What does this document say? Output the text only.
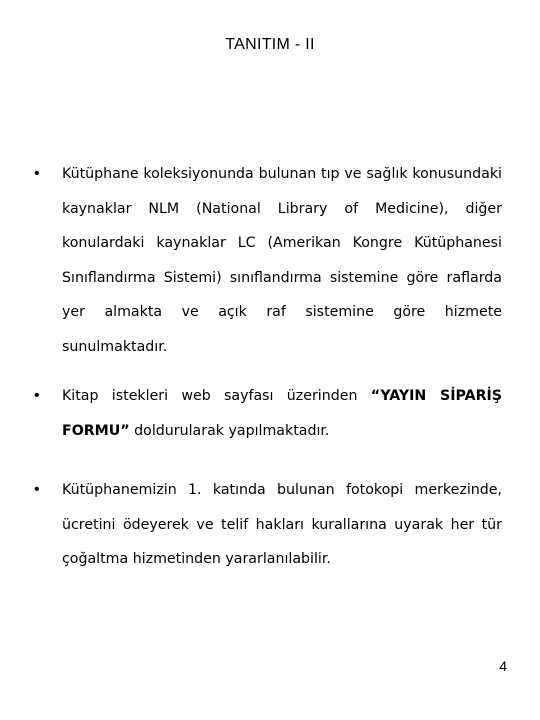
TANITIM - II
• Kütüphane koleksiyonunda bulunan tıp ve sağlık konusundaki kaynaklar NLM (National Library of Medicine), diğer konulardaki kaynaklar LC (Amerikan Kongre Kütüphanesi Sınıflandırma Sistemi) sınıflandırma sistemine göre raflarda yer almakta ve açık raf sistemine göre hizmete sunulmaktadır.

• Kitap istekleri web sayfası üzerinden “YAYIN SİPARİŞ FORMU” doldurularak yapılmaktadır.

• Kütüphanemizin 1. katında bulunan fotokopi merkezinde, ücretini ödeyerek ve telif hakları kurallarına uyarak her tür çoğaltma hizmetinden yararlanılabilir.

4
